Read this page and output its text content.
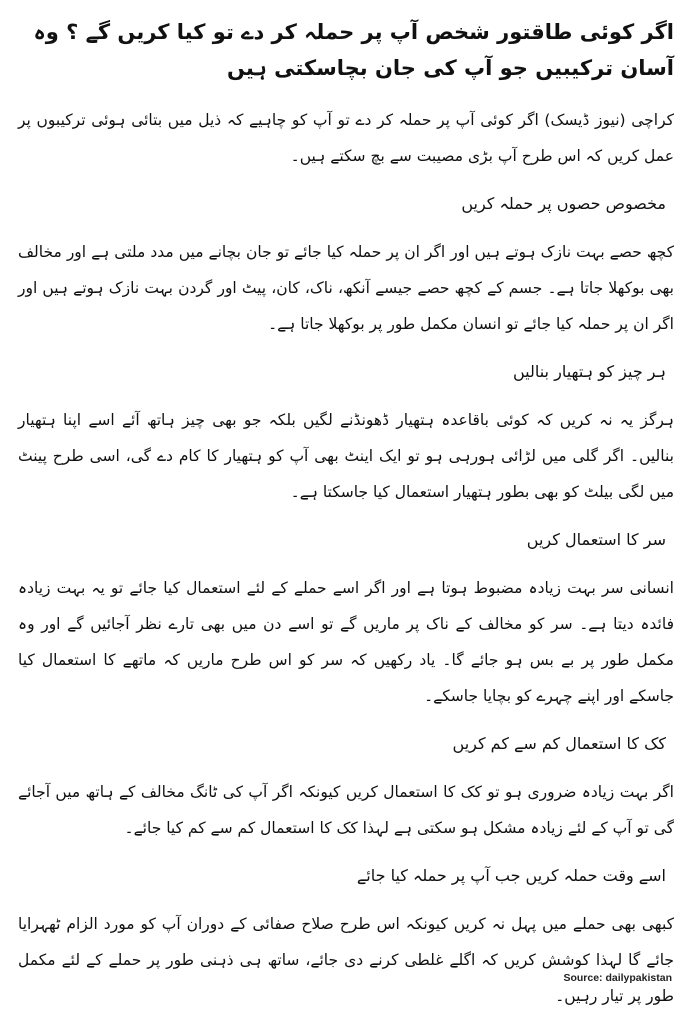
اگر کوئی طاقتور شخص آپ پر حملہ کر دے تو کیا کریں گے ؟ وہ آسان ترکیبیں جو آپ کی جان بچاسکتی ہیں
کراچی (نیوز ڈیسک) اگر کوئی آپ پر حملہ کر دے تو آپ کو چاہیے کہ ذیل میں بتائی ہوئی ترکیبوں پر عمل کریں کہ اس طرح آپ بڑی مصیبت سے بچ سکتے ہیں۔
مخصوص حصوں پر حملہ کریں
کچھ حصے بہت نازک ہوتے ہیں اور اگر ان پر حملہ کیا جائے تو جان بچانے میں مدد ملتی ہے اور مخالف بھی بوکھلا جاتا ہے۔ جسم کے کچھ حصے جیسے آنکھ، ناک، کان، پیٹ اور گردن بہت نازک ہوتے ہیں اور اگر ان پر حملہ کیا جائے تو انسان مکمل طور پر بوکھلا جاتا ہے۔
ہر چیز کو ہتھیار بنالیں
ہرگز یہ نہ کریں کہ کوئی باقاعدہ ہتھیار ڈھونڈنے لگیں بلکہ جو بھی چیز ہاتھ آئے اسے اپنا ہتھیار بنالیں۔ اگر گلی میں لڑائی ہورہی ہو تو ایک اینٹ بھی آپ کو ہتھیار کا کام دے گی، اسی طرح پینٹ میں لگی بیلٹ کو بھی بطور ہتھیار استعمال کیا جاسکتا ہے۔
سر کا استعمال کریں
انسانی سر بہت زیادہ مضبوط ہوتا ہے اور اگر اسے حملے کے لئے استعمال کیا جائے تو یہ بہت زیادہ فائدہ دیتا ہے۔ سر کو مخالف کے ناک پر ماریں گے تو اسے دن میں بھی تارے نظر آجائیں گے اور وہ مکمل طور پر بے بس ہو جائے گا۔ یاد رکھیں کہ سر کو اس طرح ماریں کہ ماتھے کا استعمال کیا جاسکے اور اپنے چہرے کو بچایا جاسکے۔
کک کا استعمال کم سے کم کریں
اگر بہت زیادہ ضروری ہو تو کک کا استعمال کریں کیونکہ اگر آپ کی ٹانگ مخالف کے ہاتھ میں آجائے گی تو آپ کے لئے زیادہ مشکل ہو سکتی ہے لہذا کک کا استعمال کم سے کم کیا جائے۔
اسے وقت حملہ کریں جب آپ پر حملہ کیا جائے
کبھی بھی حملے میں پہل نہ کریں کیونکہ اس طرح صلاح صفائی کے دوران آپ کو مورد الزام ٹھہرایا جائے گا لہذا کوشش کریں کہ اگلے غلطی کرنے دی جائے، ساتھ ہی ذہنی طور پر حملے کے لئے مکمل طور پر تیار رہیں۔
Source: dailypakistan
